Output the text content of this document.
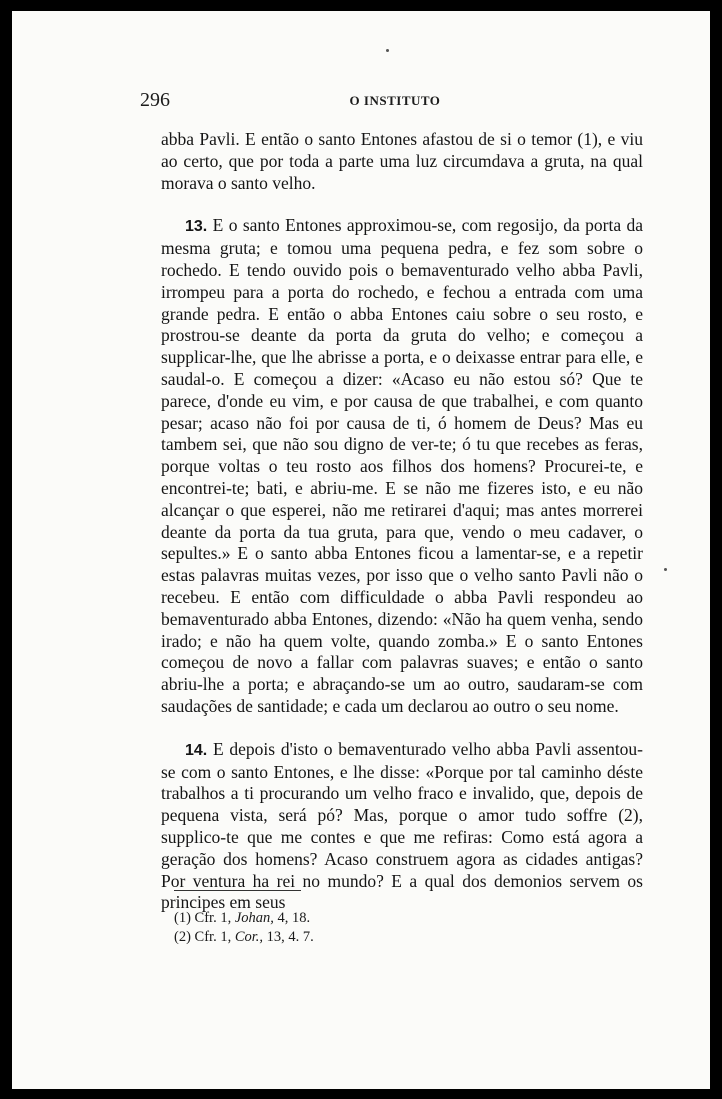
296	O INSTITUTO

abba Pavli. E então o santo Entones afastou de si o temor (1), e viu ao certo, que por toda a parte uma luz circumdava a gruta, na qual morava o santo velho.

13. E o santo Entones approximou-se, com regosijo, da porta da mesma gruta; e tomou uma pequena pedra, e fez som sobre o rochedo. E tendo ouvido pois o bemaventurado velho abba Pavli, irrompeu para a porta do rochedo, e fechou a entrada com uma grande pedra. E então o abba Entones caiu sobre o seu rosto, e prostrou-se deante da porta da gruta do velho; e começou a supplicar-lhe, que lhe abrisse a porta, e o deixasse entrar para elle, e saudal-o. E começou a dizer: «Acaso eu não estou só? Que te parece, d'onde eu vim, e por causa de que trabalhei, e com quanto pesar; acaso não foi por causa de ti, ó homem de Deus? Mas eu tambem sei, que não sou digno de ver-te; ó tu que recebes as feras, porque voltas o teu rosto aos filhos dos homens? Procurei-te, e encontrei-te; bati, e abriu-me. E se não me fizeres isto, e eu não alcançar o que esperei, não me retirarei d'aqui; mas antes morrerei deante da porta da tua gruta, para que, vendo o meu cadaver, o sepultes.» E o santo abba Entones ficou a lamentar-se, e a repetir estas palavras muitas vezes, por isso que o velho santo Pavli não o recebeu. E então com difficuldade o abba Pavli respondeu ao bemaventurado abba Entones, dizendo: «Não ha quem venha, sendo irado; e não ha quem volte, quando zomba.» E o santo Entones começou de novo a fallar com palavras suaves; e então o santo abriu-lhe a porta; e abraçando-se um ao outro, saudaram-se com saudações de santidade; e cada um declarou ao outro o seu nome.

14. E depois d'isto o bemaventurado velho abba Pavli assentou-se com o santo Entones, e lhe disse: «Porque por tal caminho déste trabalhos a ti procurando um velho fraco e invalido, que, depois de pequena vista, será pó? Mas, porque o amor tudo soffre (2), supplico-te que me contes e que me refiras: Como está agora a geração dos homens? Acaso construem agora as cidades antigas? Por ventura ha rei no mundo? E a qual dos demonios servem os principes em seus

(1) Cfr. 1, Johan, 4, 18.
(2) Cfr. 1, Cor., 13, 4. 7.
